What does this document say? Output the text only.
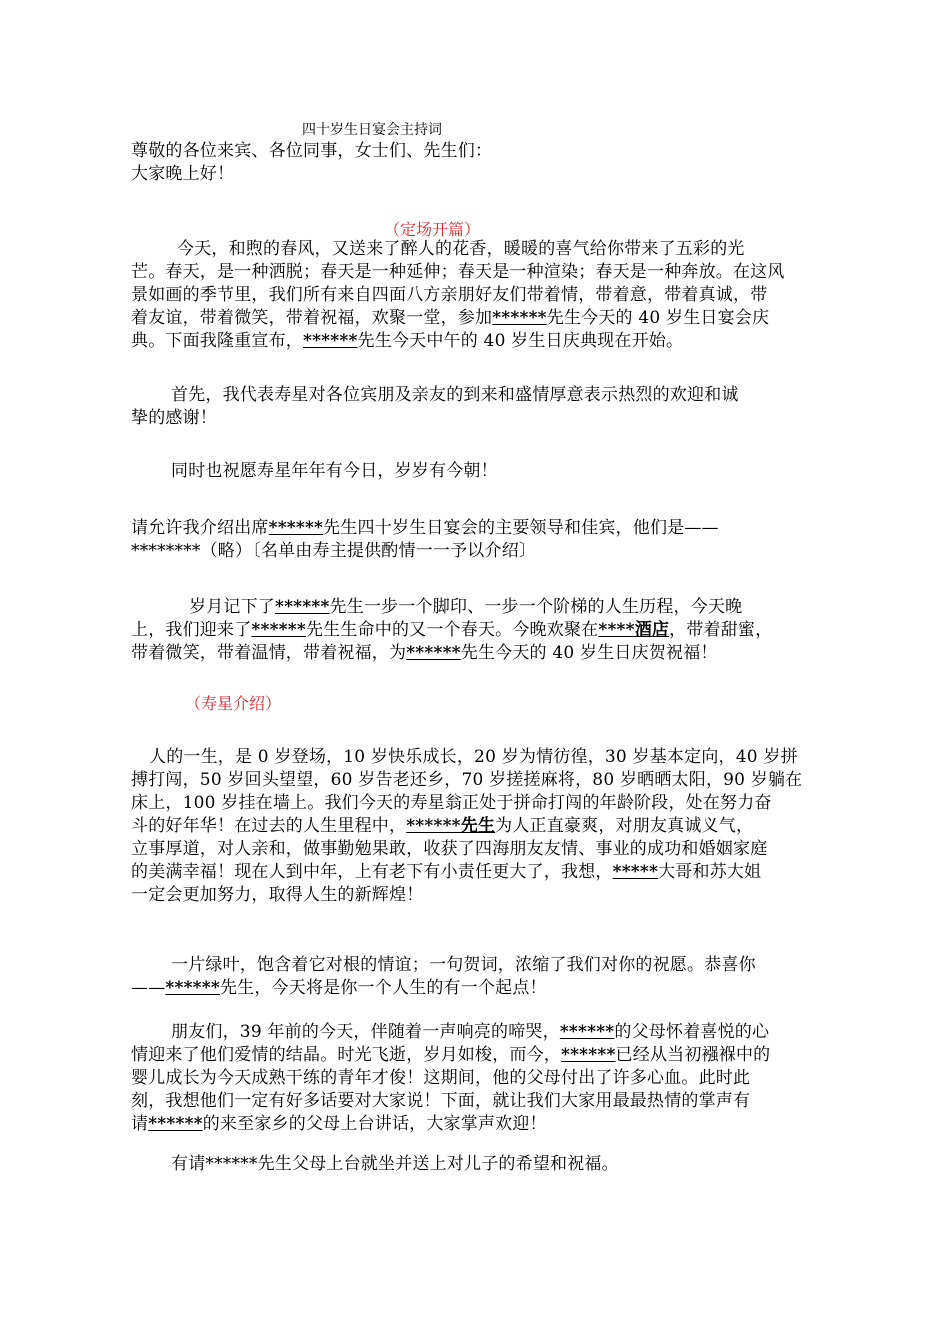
四十岁生日宴会主持词
尊敬的各位来宾、各位同事，女士们、先生们：
大家晚上好！
（定场开篇）
今天，和煦的春风，又送来了醉人的花香，暖暖的喜气给你带来了五彩的光
芒。春天，是一种洒脱；春天是一种延伸；春天是一种渲染；春天是一种奔放。在这风
景如画的季节里，我们所有来自四面八方亲朋好友们带着情，带着意，带着真诚，带
着友谊，带着微笑，带着祝福，欢聚一堂，参加******先生今天的 40 岁生日宴会庆
典。下面我隆重宣布，******先生今天中午的 40 岁生日庆典现在开始。
首先，我代表寿星对各位宾朋及亲友的到来和盛情厚意表示热烈的欢迎和诚
挚的感谢！
同时也祝愿寿星年年有今日，岁岁有今朝！
请允许我介绍出席******先生四十岁生日宴会的主要领导和佳宾，他们是——
********（略）〔名单由寿主提供酌情一一予以介绍〕
岁月记下了******先生一步一个脚印、一步一个阶梯的人生历程，今天晚
上，我们迎来了******先生生命中的又一个春天。今晚欢聚在****酒店，带着甜蜜，
带着微笑，带着温情，带着祝福，为******先生今天的 40 岁生日庆贺祝福！
（寿星介绍）
人的一生，是 0 岁登场，10 岁快乐成长，20 岁为情彷徨，30 岁基本定向，40 岁拼
搏打闯，50 岁回头望望，60 岁告老还乡，70 岁搓搓麻将，80 岁晒晒太阳，90 岁躺在
床上，100 岁挂在墙上。我们今天的寿星翁正处于拼命打闯的年龄阶段，处在努力奋
斗的好年华！在过去的人生里程中，******先生为人正直豪爽，对朋友真诚义气，
立事厚道，对人亲和，做事勤勉果敢，收获了四海朋友友情、事业的成功和婚姻家庭
的美满幸福！现在人到中年，上有老下有小责任更大了，我想，*****大哥和苏大姐
一定会更加努力，取得人生的新辉煌！
一片绿叶，饱含着它对根的情谊；一句贺词，浓缩了我们对你的祝愿。恭喜你
——******先生，今天将是你一个人生的有一个起点！
朋友们，39 年前的今天，伴随着一声响亮的啼哭，******的父母怀着喜悦的心
情迎来了他们爱情的结晶。时光飞逝，岁月如梭，而今，******已经从当初襁褓中的
婴儿成长为今天成熟干练的青年才俊！这期间，他的父母付出了许多心血。此时此
刻，我想他们一定有好多话要对大家说！下面，就让我们大家用最最热情的掌声有
请******的来至家乡的父母上台讲话，大家掌声欢迎！
有请******先生父母上台就坐并送上对儿子的希望和祝福。
